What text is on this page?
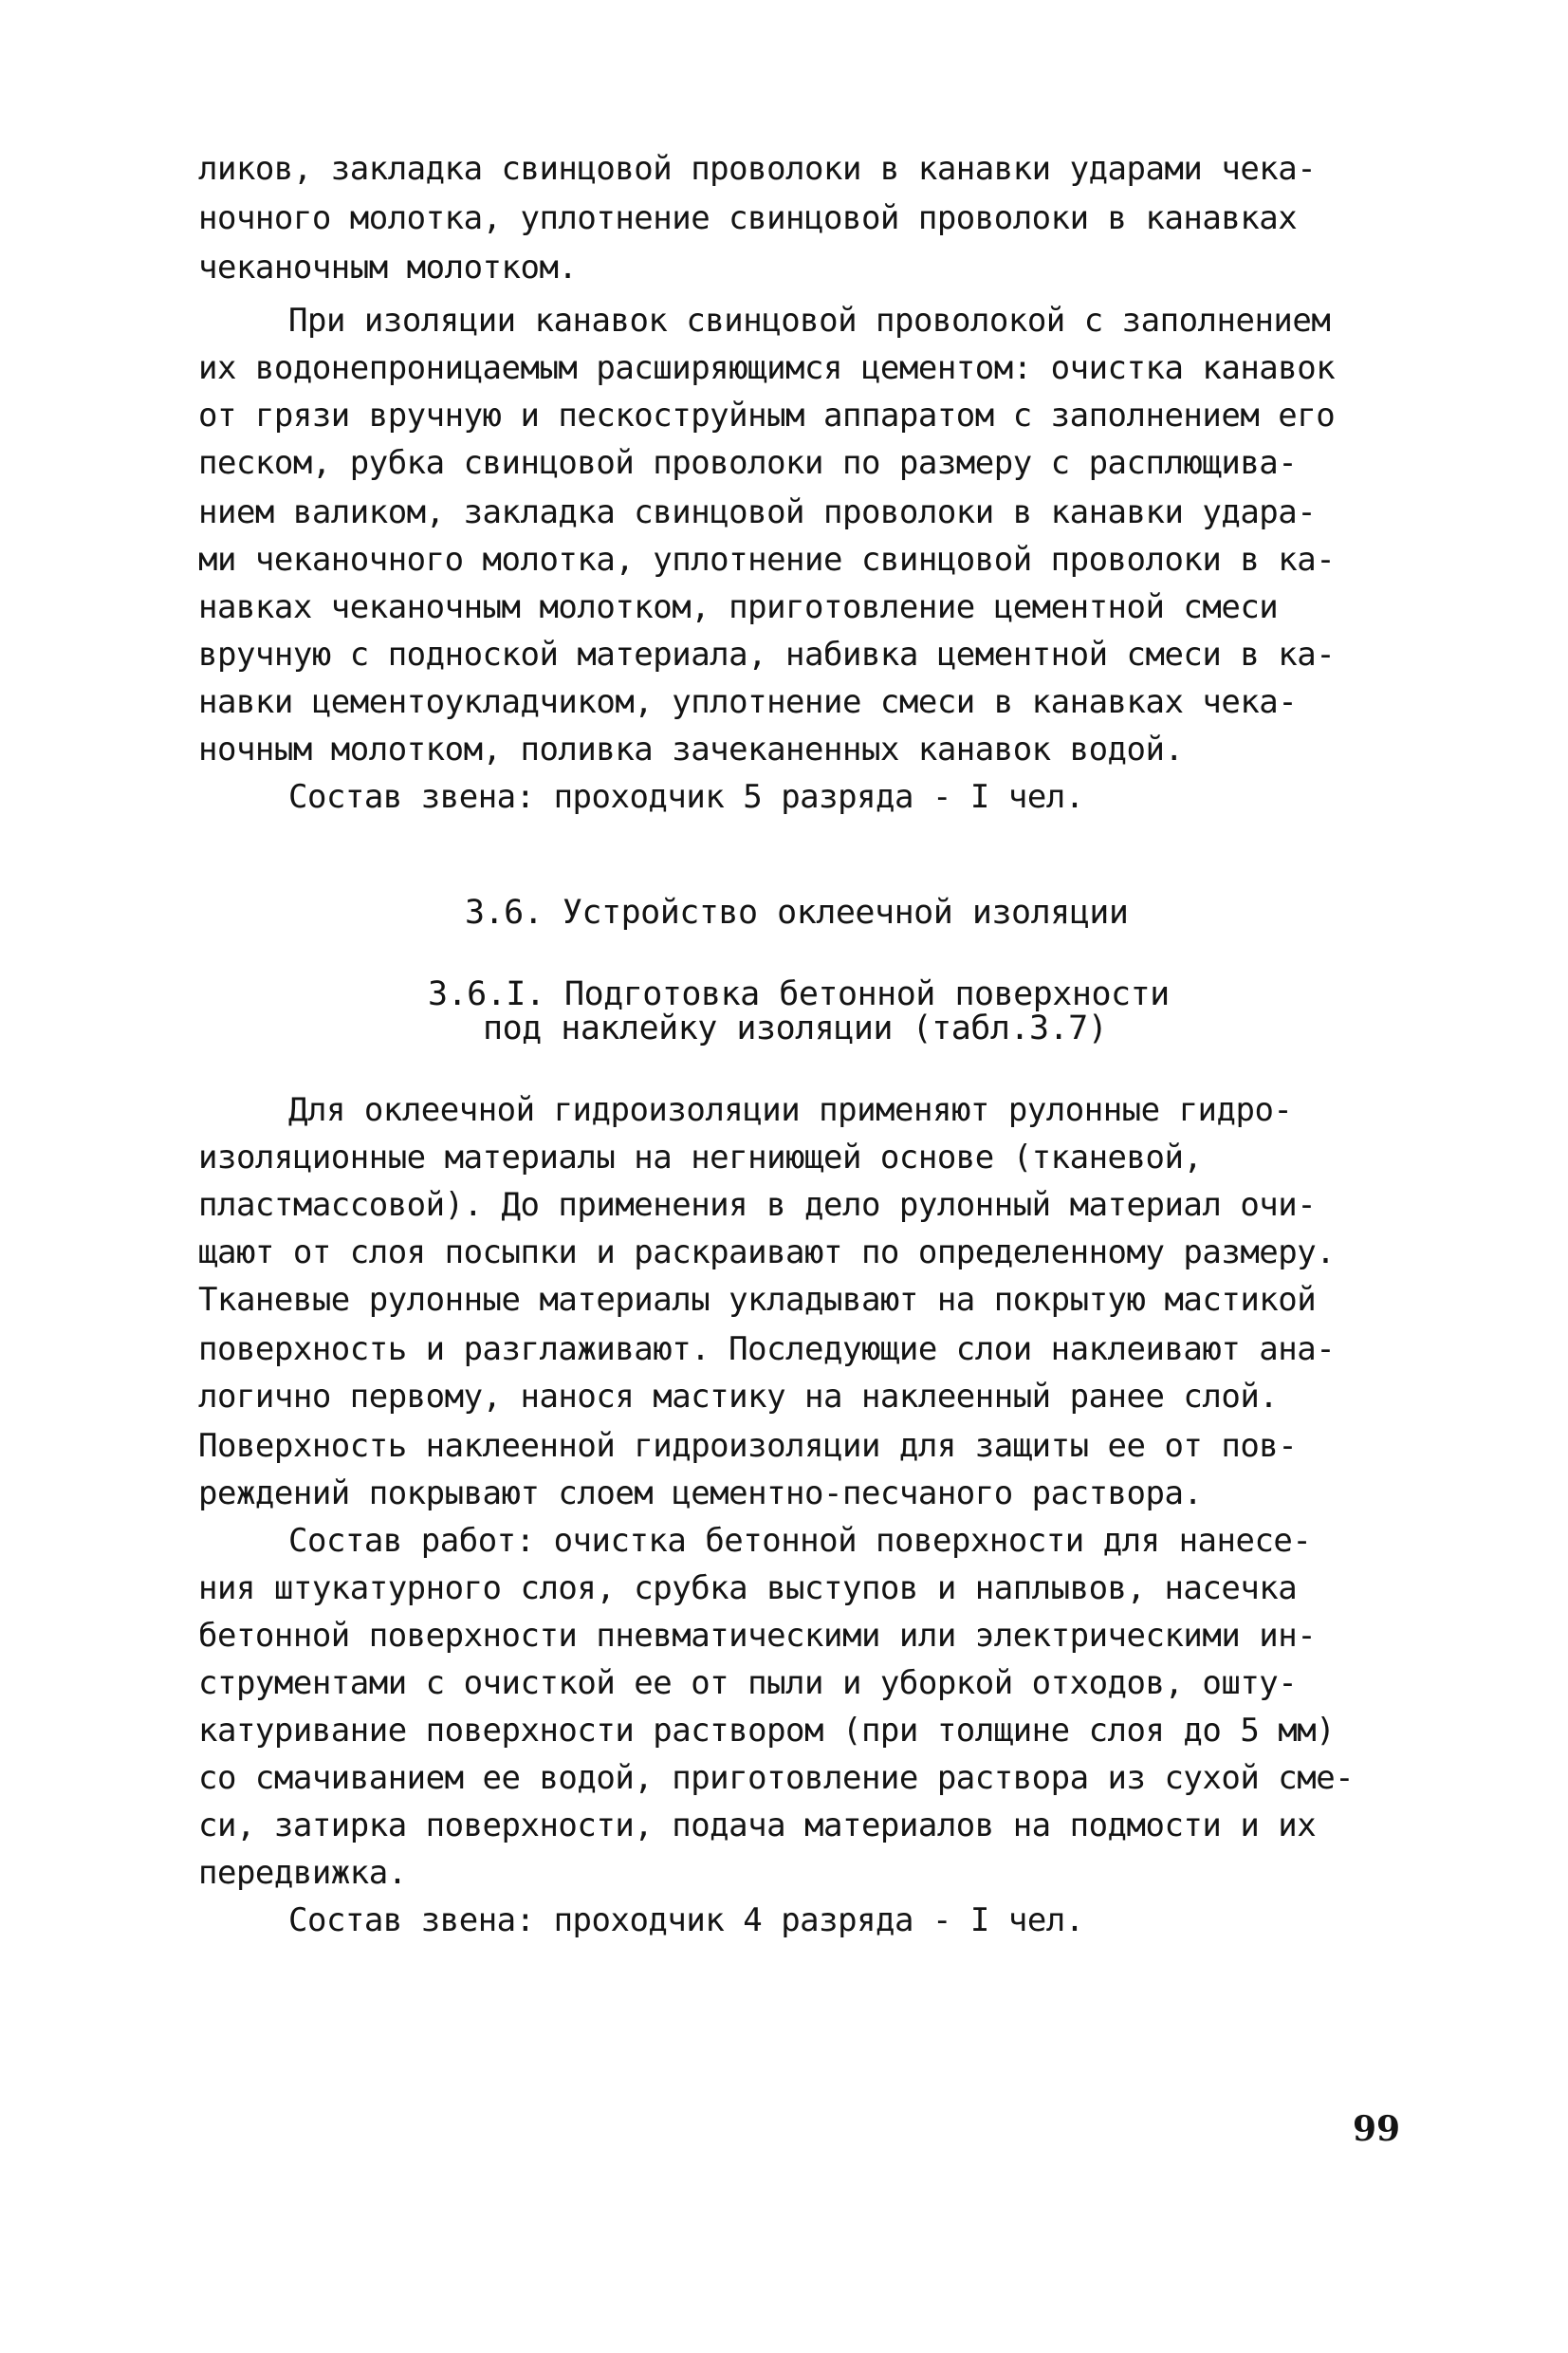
ликов, закладка свинцовой проволоки в канавки ударами чека-
ночного молотка, уплотнение свинцовой проволоки в канавках
чеканочным молотком.
При изоляции канавок свинцовой проволокой с заполнением
их водонепроницаемым расширяющимся цементом: очистка канавок
от грязи вручную и пескоструйным аппаратом с заполнением его
песком, рубка свинцовой проволоки по размеру с расплющива-
нием валиком, закладка свинцовой проволоки в канавки удара-
ми чеканочного молотка, уплотнение свинцовой проволоки в ка-
навках чеканочным молотком, приготовление цементной смеси
вручную с подноской материала, набивка цементной смеси в ка-
навки цементоукладчиком, уплотнение смеси в канавках чека-
ночным молотком, поливка зачеканенных канавок водой.
Состав звена: проходчик 5 разряда - I чел.
3.6. Устройство оклеечной изоляции
3.6.I. Подготовка бетонной поверхности
под наклейку изоляции (табл.3.7)
Для оклеечной гидроизоляции применяют рулонные гидро-
изоляционные материалы на негниющей основе (тканевой,
пластмассовой). До применения в дело рулонный материал очи-
щают от слоя посыпки и раскраивают по определенному размеру.
Тканевые рулонные материалы укладывают на покрытую мастикой
поверхность и разглаживают. Последующие слои наклеивают ана-
логично первому, нанося мастику на наклеенный ранее слой.
Поверхность наклеенной гидроизоляции для защиты ее от пов-
реждений покрывают слоем цементно-песчаного раствора.
Состав работ: очистка бетонной поверхности для нанесе-
ния штукатурного слоя, срубка выступов и наплывов, насечка
бетонной поверхности пневматическими или электрическими ин-
струментами с очисткой ее от пыли и уборкой отходов, ошту-
катуривание поверхности раствором (при толщине слоя до 5 мм)
со смачиванием ее водой, приготовление раствора из сухой сме-
си, затирка поверхности, подача материалов на подмости и их
передвижка.
Состав звена: проходчик 4 разряда - I чел.
99
